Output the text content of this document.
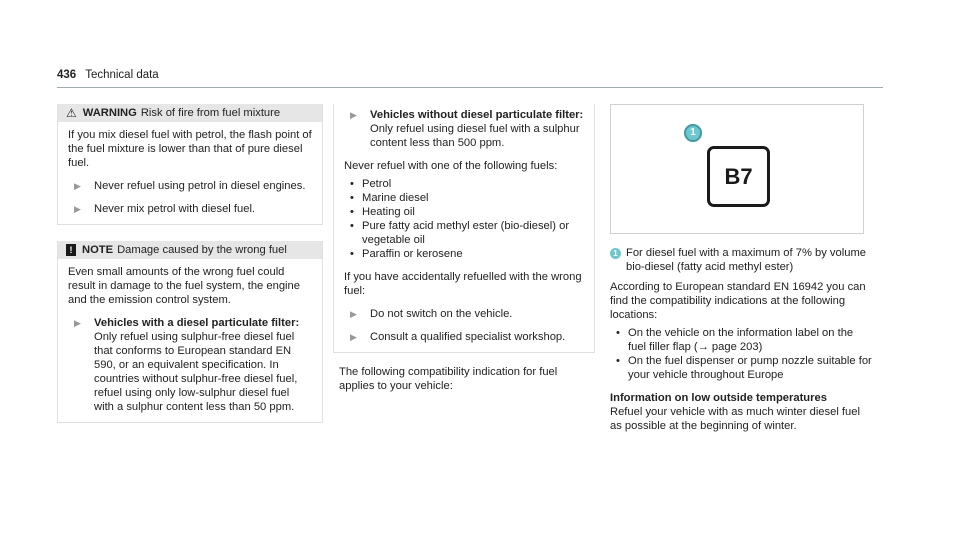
436 Technical data
⚠ WARNING Risk of fire from fuel mixture

If you mix diesel fuel with petrol, the flash point of the fuel mixture is lower than that of pure diesel fuel.

▶	Never refuel using petrol in diesel engines.
▶	Never mix petrol with diesel fuel.
! NOTE Damage caused by the wrong fuel

Even small amounts of the wrong fuel could result in damage to the fuel system, the engine and the emission control system.

▶	Vehicles with a diesel particulate filter:
Only refuel using sulphur-free diesel fuel that conforms to European standard EN 590, or an equivalent specification. In countries without sulphur-free diesel fuel, refuel using only low-sulphur diesel fuel with a sulphur content less than 50 ppm.
▶	Vehicles without diesel particulate filter:
Only refuel using diesel fuel with a sulphur content less than 500 ppm.

Never refuel with one of the following fuels:

• Petrol
• Marine diesel
• Heating oil
• Pure fatty acid methyl ester (bio-diesel) or vegetable oil
• Paraffin or kerosene

If you have accidentally refuelled with the wrong fuel:

▶	Do not switch on the vehicle.
▶	Consult a qualified specialist workshop.

The following compatibility indication for fuel applies to your vehicle:

1
B7
1 For diesel fuel with a maximum of 7% by volume bio-diesel (fatty acid methyl ester)

According to European standard EN 16942 you can find the compatibility indications at the following locations:

• On the vehicle on the information label on the fuel filler flap (→ page 203)
• On the fuel dispenser or pump nozzle suitable for your vehicle throughout Europe
Information on low outside temperatures

Refuel your vehicle with as much winter diesel fuel as possible at the beginning of winter.
